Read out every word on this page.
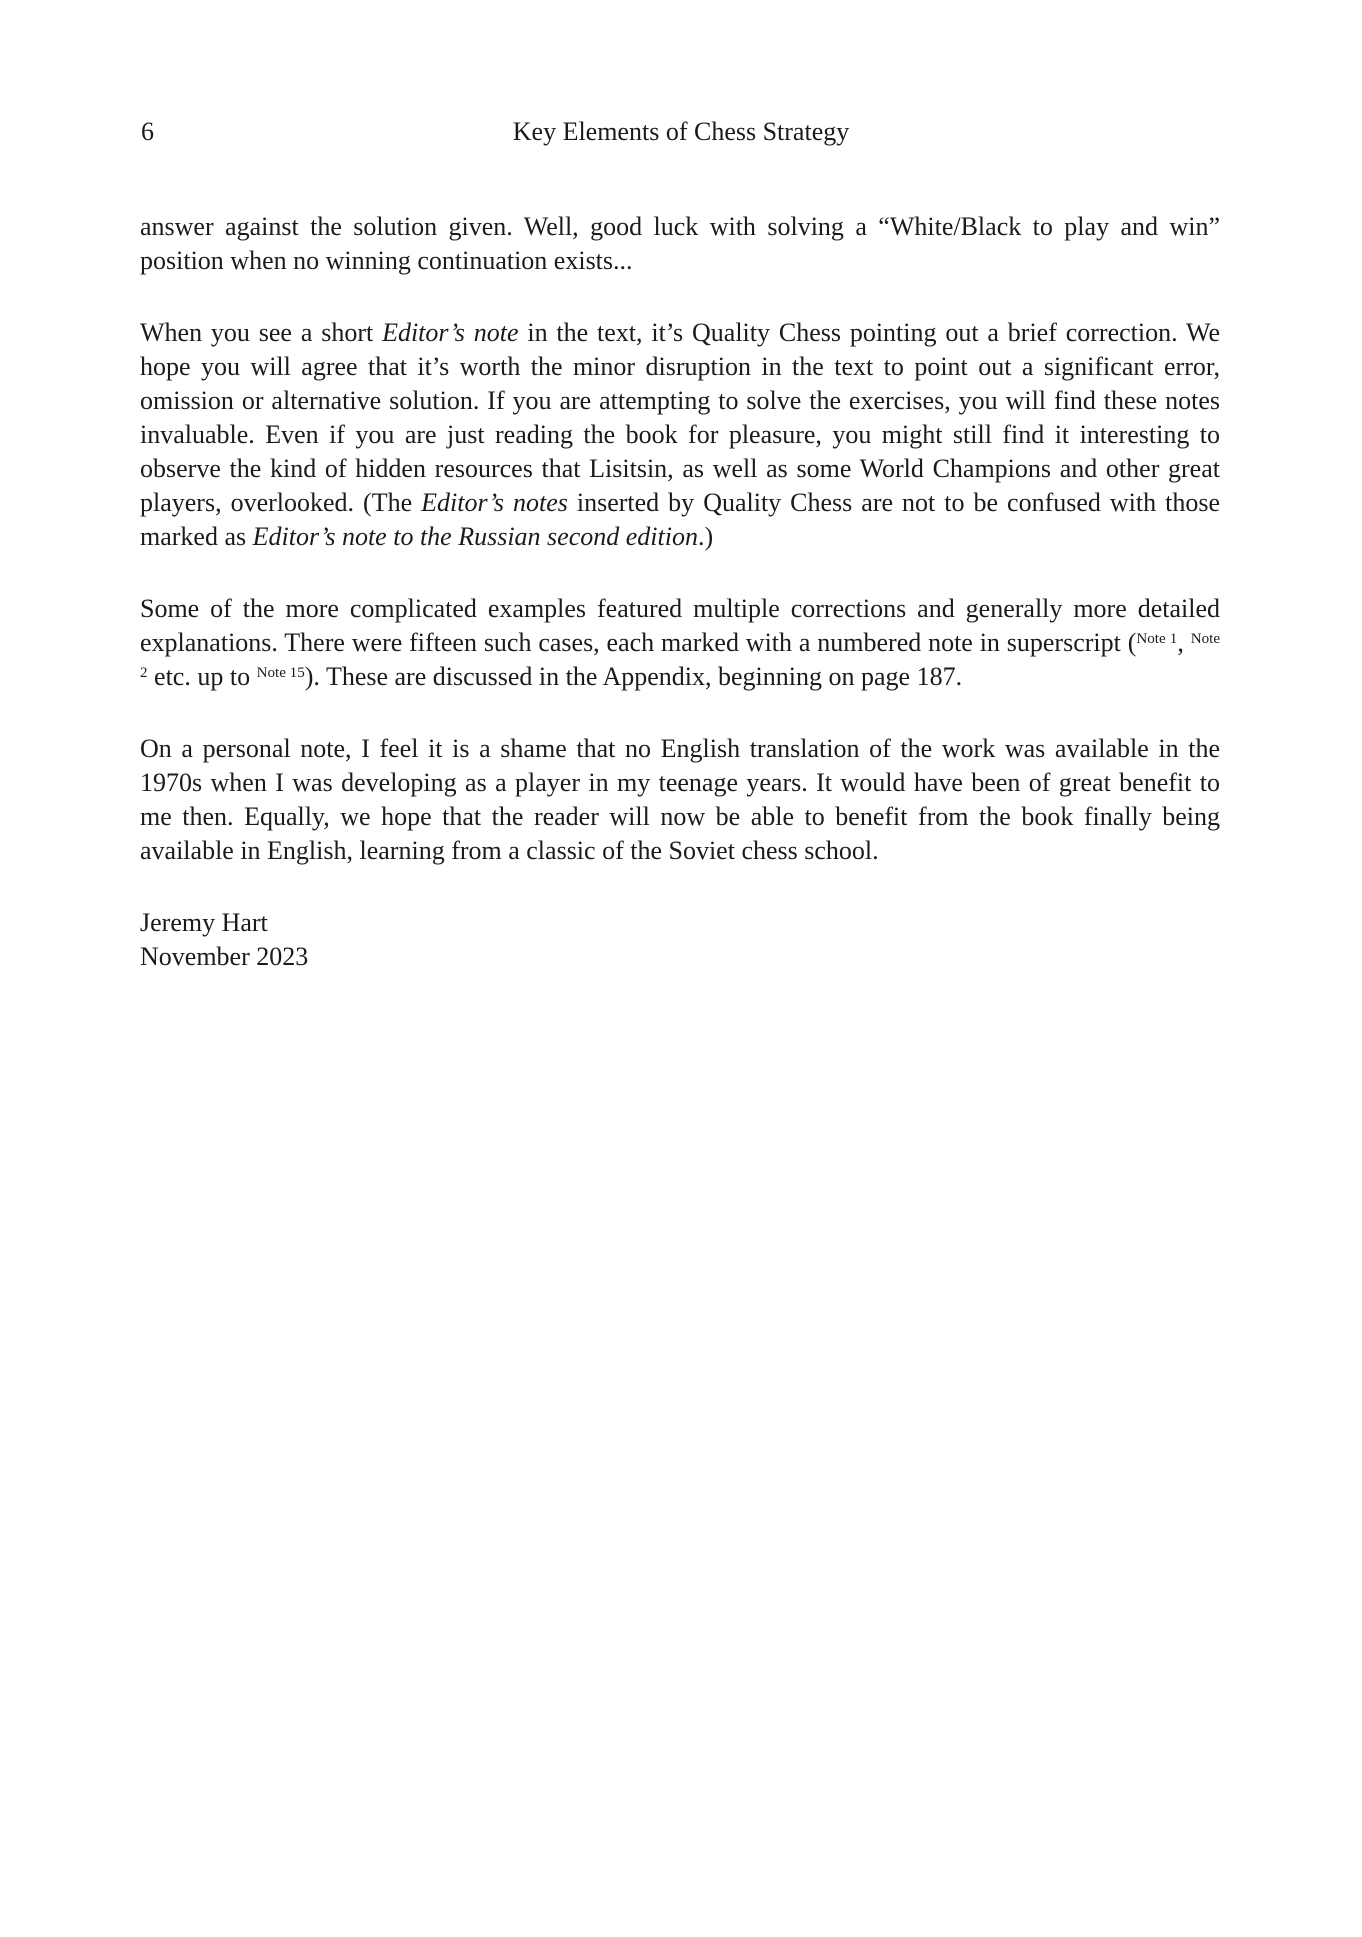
6	Key Elements of Chess Strategy

answer against the solution given. Well, good luck with solving a “White/Black to play and win” position when no winning continuation exists...

When you see a short Editor’s note in the text, it’s Quality Chess pointing out a brief correction. We hope you will agree that it’s worth the minor disruption in the text to point out a significant error, omission or alternative solution. If you are attempting to solve the exercises, you will find these notes invaluable. Even if you are just reading the book for pleasure, you might still find it interesting to observe the kind of hidden resources that Lisitsin, as well as some World Champions and other great players, overlooked. (The Editor’s notes inserted by Quality Chess are not to be confused with those marked as Editor’s note to the Russian second edition.)

Some of the more complicated examples featured multiple corrections and generally more detailed explanations. There were fifteen such cases, each marked with a numbered note in superscript ($^{Note 1}$, $^{Note 2}$ etc. up to $^{Note 15}$). These are discussed in the Appendix, beginning on page 187.

On a personal note, I feel it is a shame that no English translation of the work was available in the 1970s when I was developing as a player in my teenage years. It would have been of great benefit to me then. Equally, we hope that the reader will now be able to benefit from the book finally being available in English, learning from a classic of the Soviet chess school.

Jeremy Hart

November 2023
